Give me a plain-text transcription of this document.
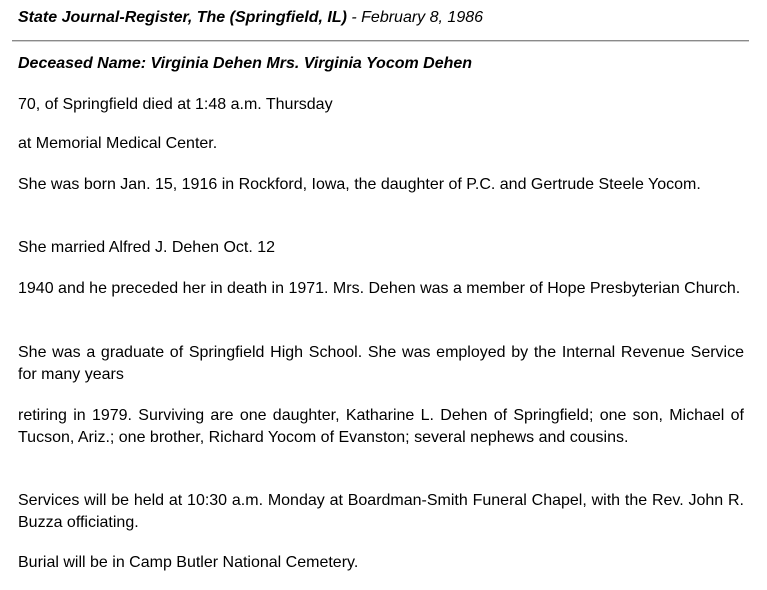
State Journal-Register, The (Springfield, IL) - February 8, 1986
Deceased Name: Virginia Dehen Mrs. Virginia Yocom Dehen

70, of Springfield died at 1:48 a.m. Thursday

at Memorial Medical Center.

She was born Jan. 15, 1916 in Rockford, Iowa, the daughter of P.C. and Gertrude Steele Yocom.

She married Alfred J. Dehen Oct. 12

1940 and he preceded her in death in 1971. Mrs. Dehen was a member of Hope Presbyterian Church.

She was a graduate of Springfield High School. She was employed by the Internal Revenue Service for many years

retiring in 1979. Surviving are one daughter, Katharine L. Dehen of Springfield; one son, Michael of Tucson, Ariz.; one brother, Richard Yocom of Evanston; several nephews and cousins.

Services will be held at 10:30 a.m. Monday at Boardman-Smith Funeral Chapel, with the Rev. John R. Buzza officiating.

Burial will be in Camp Butler National Cemetery.
